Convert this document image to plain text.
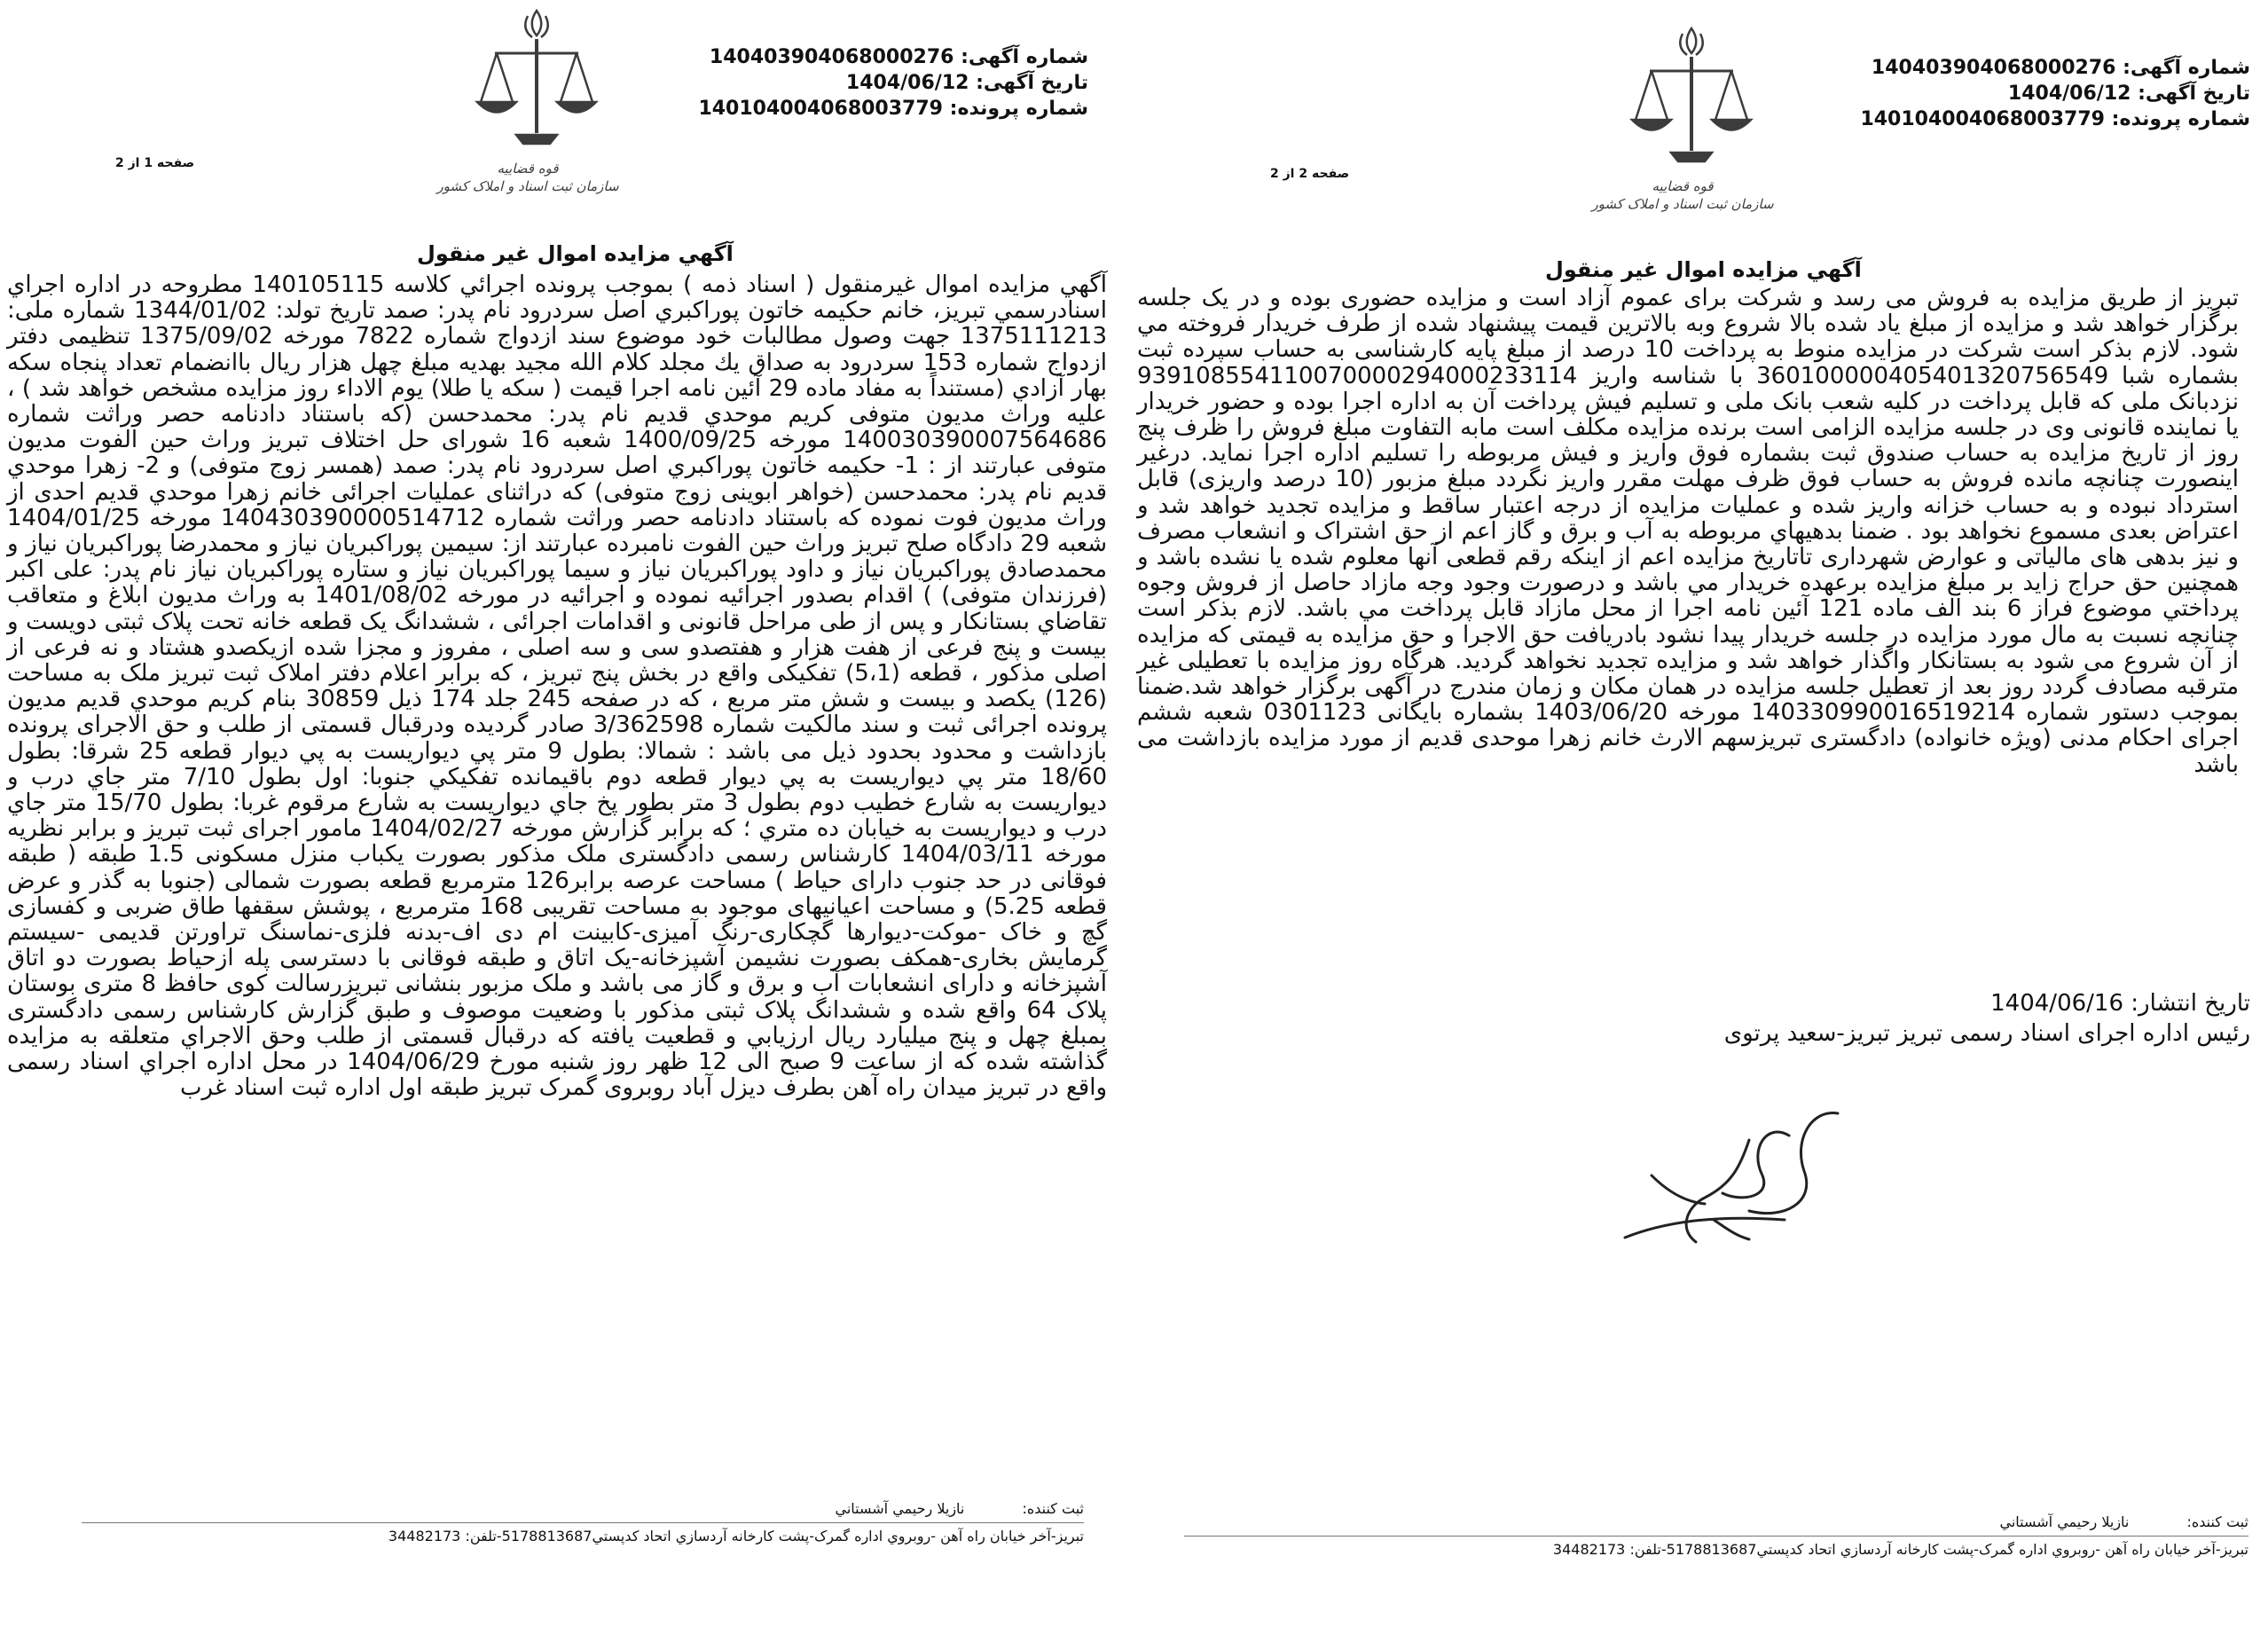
قوه قضاییه
سازمان ثبت اسناد و املاک کشور
شماره آگهی: 140403904068000276
تاریخ آگهی: 1404/06/12
شماره پرونده: 140104004068003779
صفحه 2 از 2
آگهي مزايده اموال غير منقول

تبریز از طریق مزایده به فروش می رسد و شرکت برای عموم آزاد است و مزایده حضوری بوده و در یک جلسه برگزار خواهد شد و مزایده از مبلغ یاد شده بالا شروع وبه بالاترین قیمت پیشنهاد شده از طرف خریدار فروخته مي شود. لازم بذکر است شرکت در مزایده منوط به پرداخت 10 درصد از مبلغ پایه کارشناسی به حساب سپرده ثبت بشماره شبا 360100000405401320756549 با شناسه واریز 939108554110070000294000233114 نزدبانک ملی که قابل پرداخت در کلیه شعب بانک ملی و تسلیم فیش پرداخت آن به اداره اجرا بوده و حضور خریدار یا نماینده قانونی وی در جلسه مزایده الزامی است برنده مزایده مکلف است مابه التفاوت مبلغ فروش را ظرف پنج روز از تاریخ مزایده به حساب صندوق ثبت بشماره فوق واریز و فیش مربوطه را تسلیم اداره اجرا نماید. درغیر اینصورت چنانچه مانده فروش به حساب فوق ظرف مهلت مقرر واریز نگردد مبلغ مزبور (10 درصد واریزی) قابل استرداد نبوده و به حساب خزانه واریز شده و عملیات مزایده از درجه اعتبار ساقط و مزایده تجدید خواهد شد و اعتراض بعدی مسموع نخواهد بود . ضمنا بدهیهاي مربوطه به آب و برق و گاز اعم از حق اشتراک و انشعاب مصرف و نیز بدهی های مالیاتی و عوارض شهرداری تاتاریخ مزایده اعم از اینکه رقم قطعی آنها معلوم شده یا نشده باشد و همچنین حق حراج زاید بر مبلغ مزایده برعهده خریدار مي باشد و درصورت وجود وجه مازاد حاصل از فروش وجوه پرداختي موضوع فراز 6 بند الف ماده 121 آئین نامه اجرا از محل مازاد قابل پرداخت مي باشد. لازم بذکر است چنانچه نسبت به مال مورد مزایده در جلسه خریدار پیدا نشود بادریافت حق الاجرا و حق مزایده به قیمتی که مزایده از آن شروع می شود به بستانکار واگذار خواهد شد و مزایده تجدید نخواهد گردید. هرگاه روز مزایده با تعطیلی غیر مترقبه مصادف گردد روز بعد از تعطیل جلسه مزایده در همان مکان و زمان مندرج در آگهی برگزار خواهد شد.ضمنا بموجب دستور شماره 140330990016519214 مورخه 1403/06/20 بشماره بایگانی 0301123 شعبه ششم اجرای احکام مدنی (ویژه خانواده) دادگستری تبریزسهم الارث خانم زهرا موحدی قدیم از مورد مزایده بازداشت می باشد

تاریخ انتشار: 1404/06/16
رئیس اداره اجرای اسناد رسمی تبریز تبریز-سعید پرتوی
ثبت کننده: نازيلا رحيمي آشستاني
تبريز-آخر خيابان راه آهن -روبروي اداره گمرک-پشت کارخانه آردسازي اتحاد کدپستي5178813687-تلفن: 34482173
قوه قضاییه
سازمان ثبت اسناد و املاک کشور
شماره آگهی: 140403904068000276
تاریخ آگهی: 1404/06/12
شماره پرونده: 140104004068003779
صفحه 1 از 2
آگهي مزايده اموال غير منقول

آگهي مزايده اموال غيرمنقول ( اسناد ذمه ) بموجب پرونده اجرائي كلاسه 140105115 مطروحه در اداره اجراي اسنادرسمي تبریز، خانم حکیمه خاتون پوراکبري اصل سردرود نام پدر: صمد تاریخ تولد: 1344/01/02 شماره ملی: 1375111213 جهت وصول مطالبات خود موضوع سند ازدواج شماره 7822 مورخه 1375/09/02 تنظیمی دفتر ازدواج شماره 153 سردرود به صداق يك مجلد كلام الله مجيد بهديه مبلغ چهل هزار ريال باانضمام تعداد پنجاه سكه بهار آزادي (مستنداً به مفاد ماده 29 آئين نامه اجرا قيمت ( سكه يا طلا) يوم الاداء روز مزايده مشخص خواهد شد ) ، علیه وراث مديون متوفی كريم موحدي قديم نام پدر: محمدحسن (که باستناد دادنامه حصر وراثت شماره 140030390007564686 مورخه 1400/09/25 شعبه 16 شورای حل اختلاف تبریز وراث حین الفوت مدیون متوفی عبارتند از : 1- حکیمه خاتون پوراكبري اصل سردرود نام پدر: صمد (همسر زوج متوفی) و 2- زهرا موحدي قديم نام پدر: محمدحسن (خواهر ابوینی زوج متوفی) که دراثنای عملیات اجرائی خانم زهرا موحدي قديم احدی از وراث مدیون فوت نموده که باستناد دادنامه حصر وراثت شماره 140430390000514712 مورخه 1404/01/25 شعبه 29 دادگاه صلح تبریز وراث حین الفوت نامبرده عبارتند از: سیمین پوراکبریان نیاز و محمدرضا پوراکبریان نیاز و محمدصادق پوراکبریان نیاز و داود پوراکبریان نیاز و سیما پوراکبریان نیاز و ستاره پوراکبریان نیاز نام پدر: علی اکبر (فرزندان متوفی) ) اقدام بصدور اجرائيه نموده و اجرائيه در مورخه 1401/08/02 به وراث مديون ابلاغ و متعاقب تقاضاي بستانكار و پس از طی مراحل قانونی و اقدامات اجرائی ، ششدانگ یک قطعه خانه تحت پلاک ثبتی دویست و بیست و پنج فرعی از هفت هزار و هفتصدو سی و سه اصلی ، مفروز و مجزا شده ازیکصدو هشتاد و نه فرعی از اصلی مذکور ، قطعه (5،1) تفکیکی واقع در بخش پنج تبریز ، که برابر اعلام دفتر املاک ثبت تبریز ملک به مساحت (126) یکصد و بیست و شش متر مربع ، که در صفحه 245 جلد 174 ذیل 30859 بنام کریم موحدي قديم مدیون پرونده اجرائی ثبت و سند مالکیت شماره 3/362598 صادر گردیده ودرقبال قسمتی از طلب و حق الاجرای پرونده بازداشت و محدود بحدود ذیل می باشد : شمالا: بطول 9 متر پي ديواريست به پي ديوار قطعه 25 شرقا: بطول 18/60 متر پي ديواريست به پي ديوار قطعه دوم باقيمانده تفكيكي جنوبا: اول بطول 7/10 متر جاي درب و ديواريست به شارع خطيب دوم بطول 3 متر بطور پخ جاي ديواريست به شارع مرقوم غربا: بطول 15/70 متر جاي درب و ديواريست به خيابان ده متري ؛ که برابر گزارش مورخه 1404/02/27 مامور اجرای ثبت تبریز و برابر نظریه مورخه 1404/03/11 کارشناس رسمی دادگستری ملک مذکور بصورت یکباب منزل مسکونی 1.5 طبقه ( طبقه فوقانی در حد جنوب دارای حیاط ) مساحت عرصه برابر126 مترمربع قطعه بصورت شمالی (جنوبا به گذر و عرض قطعه 5.25) و مساحت اعیانیهای موجود به مساحت تقریبی 168 مترمربع ، پوشش سقفها طاق ضربی و کفسازی گچ و خاک -موکت-دیوارها گچکاری-رنگ آمیزی-کابینت ام دی اف-بدنه فلزی-نماسنگ تراورتن قدیمی -سیستم گرمایش بخاری-همکف بصورت نشیمن آشپزخانه-یک اتاق و طبقه فوقانی با دسترسی پله ازحیاط بصورت دو اتاق آشپزخانه و دارای انشعابات آب و برق و گاز می باشد و ملک مزبور بنشانی تبریزرسالت کوی حافظ 8 متری بوستان پلاک 64 واقع شده و ششدانگ پلاک ثبتی مذکور با وضعیت موصوف و طبق گزارش کارشناس رسمی دادگستری بمبلغ چهل و پنج میلیارد ریال ارزیابي و قطعيت يافته كه درقبال قسمتی از طلب وحق الاجراي متعلقه به مزايده گذاشته شده كه از ساعت 9 صبح الی 12 ظهر روز شنبه مورخ 1404/06/29 در محل اداره اجراي اسناد رسمی واقع در تبریز میدان راه آهن بطرف دیزل آباد روبروی گمرک تبریز طبقه اول اداره ثبت اسناد غرب

ثبت کننده: نازيلا رحيمي آشستاني
تبريز-آخر خيابان راه آهن -روبروي اداره گمرک-پشت کارخانه آردسازي اتحاد کدپستي5178813687-تلفن: 34482173
